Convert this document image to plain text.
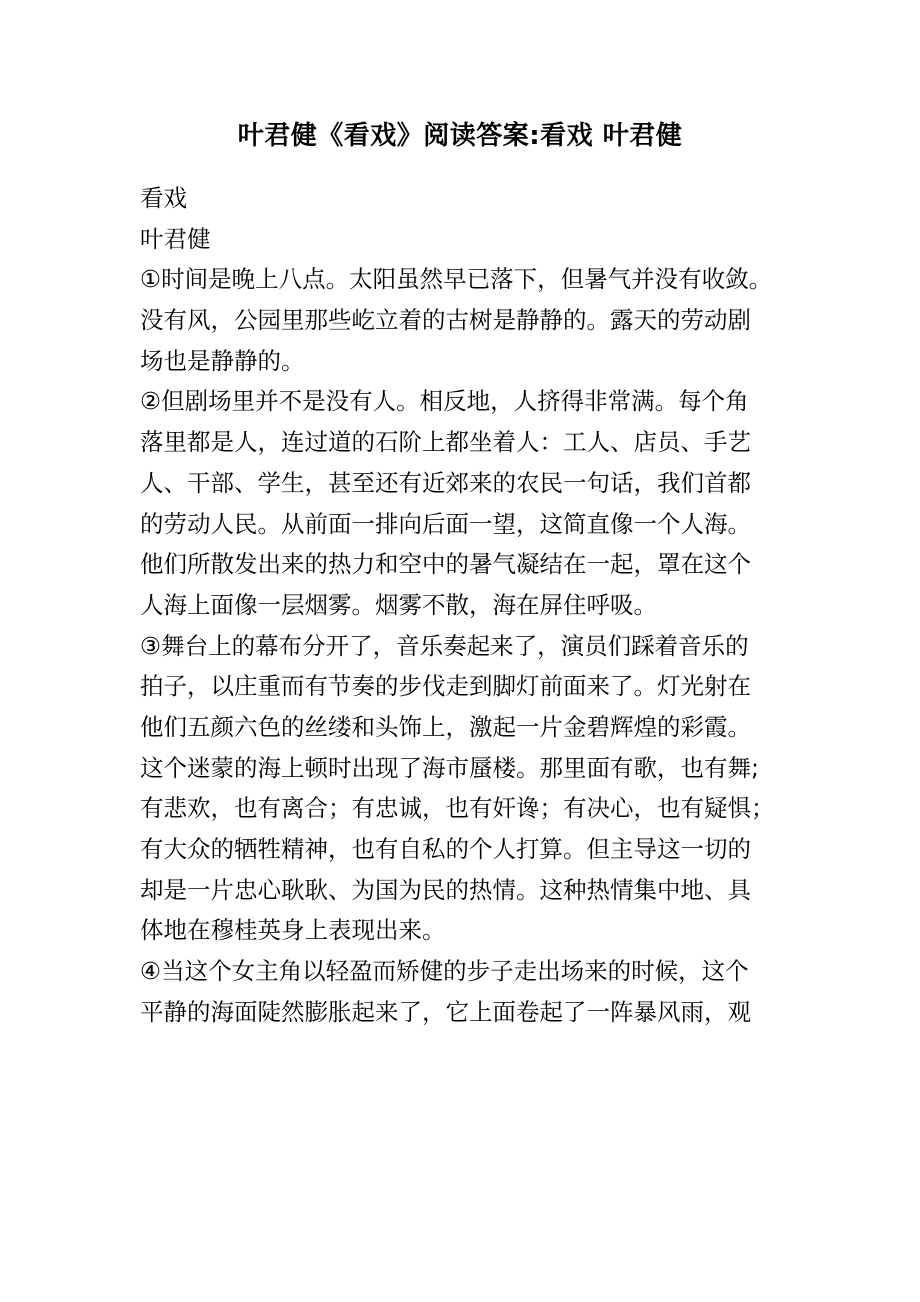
叶君健《看戏》阅读答案:看戏 叶君健
看戏
叶君健
①时间是晚上八点。太阳虽然早已落下，但暑气并没有收敛。
没有风，公园里那些屹立着的古树是静静的。露天的劳动剧
场也是静静的。
②但剧场里并不是没有人。相反地，人挤得非常满。每个角
落里都是人，连过道的石阶上都坐着人：工人、店员、手艺
人、干部、学生，甚至还有近郊来的农民一句话，我们首都
的劳动人民。从前面一排向后面一望，这简直像一个人海。
他们所散发出来的热力和空中的暑气凝结在一起，罩在这个
人海上面像一层烟雾。烟雾不散，海在屏住呼吸。
③舞台上的幕布分开了，音乐奏起来了，演员们踩着音乐的
拍子，以庄重而有节奏的步伐走到脚灯前面来了。灯光射在
他们五颜六色的丝缕和头饰上，激起一片金碧辉煌的彩霞。
这个迷蒙的海上顿时出现了海市蜃楼。那里面有歌，也有舞;
有悲欢，也有离合；有忠诚，也有奸谗；有决心，也有疑惧；
有大众的牺牲精神，也有自私的个人打算。但主导这一切的
却是一片忠心耿耿、为国为民的热情。这种热情集中地、具
体地在穆桂英身上表现出来。
④当这个女主角以轻盈而矫健的步子走出场来的时候，这个
平静的海面陡然膨胀起来了，它上面卷起了一阵暴风雨，观
